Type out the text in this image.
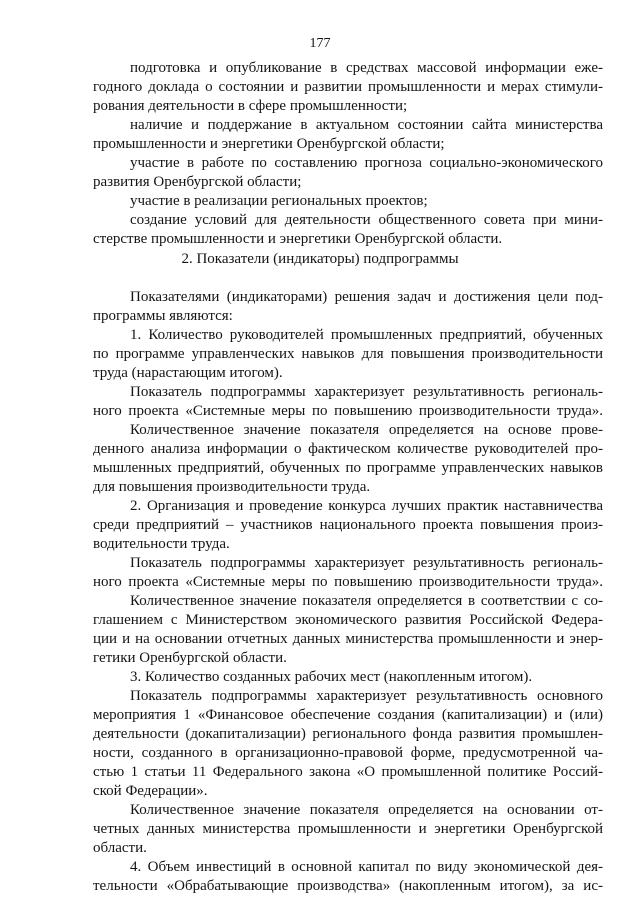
177
подготовка и опубликование в средствах массовой информации еже-
годного доклада о состоянии и развитии промышленности и мерах стимули-
рования деятельности в сфере промышленности;
наличие и поддержание в актуальном состоянии сайта министерства
промышленности и энергетики Оренбургской области;
участие в работе по составлению прогноза социально-экономического
развития Оренбургской области;
участие в реализации региональных проектов;
создание условий для деятельности общественного совета при мини-
стерстве промышленности и энергетики Оренбургской области.
2. Показатели (индикаторы) подпрограммы
Показателями (индикаторами) решения задач и достижения цели под-
программы являются:
1. Количество руководителей промышленных предприятий, обученных
по программе управленческих навыков для повышения производительности
труда (нарастающим итогом).
Показатель подпрограммы характеризует результативность региональ-
ного проекта «Системные меры по повышению производительности труда».
Количественное значение показателя определяется на основе прове-
денного анализа информации о фактическом количестве руководителей про-
мышленных предприятий, обученных по программе управленческих навыков
для повышения производительности труда.
2. Организация и проведение конкурса лучших практик наставничества
среди предприятий – участников национального проекта повышения произ-
водительности труда.
Показатель подпрограммы характеризует результативность региональ-
ного проекта «Системные меры по повышению производительности труда».
Количественное значение показателя определяется в соответствии с со-
глашением с Министерством экономического развития Российской Федера-
ции и на основании отчетных данных министерства промышленности и энер-
гетики Оренбургской области.
3. Количество созданных рабочих мест (накопленным итогом).
Показатель подпрограммы характеризует результативность основного
мероприятия 1 «Финансовое обеспечение создания (капитализации) и (или)
деятельности (докапитализации) регионального фонда развития промышлен-
ности, созданного в организационно-правовой форме, предусмотренной ча-
стью 1 статьи 11 Федерального закона «О промышленной политике Россий-
ской Федерации».
Количественное значение показателя определяется на основании от-
четных данных министерства промышленности и энергетики Оренбургской
области.
4. Объем инвестиций в основной капитал по виду экономической дея-
тельности «Обрабатывающие производства» (накопленным итогом), за ис-
